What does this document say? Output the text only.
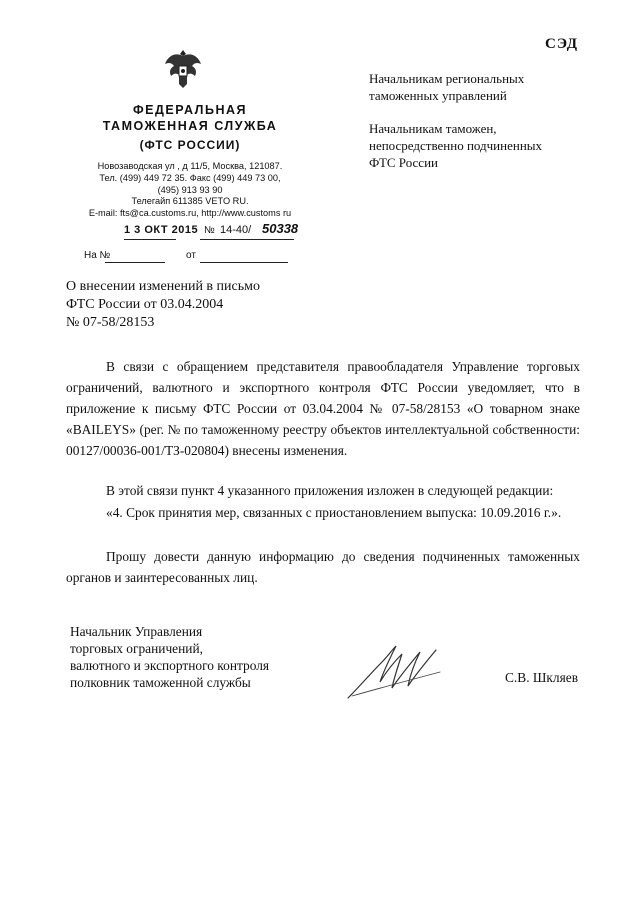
СЭД
ФЕДЕРАЛЬНАЯ
ТАМОЖЕННАЯ СЛУЖБА
(ФТС РОССИИ)
Новозаводская ул , д 11/5, Москва, 121087.
Тел. (499) 449 72 35. Факс (499) 449 73 00,
(495) 913 93 90
Телегайп 611385 VETO RU.
E-mail: fts@ca.customs.ru, http://www.customs ru
1 3 ОКТ 2015 № 14-40/ 50338
На №	от
Начальникам региональных
таможенных управлений
Начальникам таможен,
непосредственно подчиненных
ФТС России
О внесении изменений в письмо
ФТС России от 03.04.2004
№ 07-58/28153
В связи с обращением представителя правообладателя Управление торговых ограничений, валютного и экспортного контроля ФТС России уведомляет, что в приложение к письму ФТС России от 03.04.2004 № 07-58/28153 «О товарном знаке «BAILEYS» (рег. № по таможенному реестру объектов интеллектуальной собственности: 00127/00036-001/ТЗ-020804) внесены изменения.
В этой связи пункт 4 указанного приложения изложен в следующей редакции:
«4. Срок принятия мер, связанных с приостановлением выпуска: 10.09.2016 г.».
Прошу довести данную информацию до сведения подчиненных таможенных органов и заинтересованных лиц.
Начальник Управления
торговых ограничений,
валютного и экспортного контроля
полковник таможенной службы	С.В. Шкляев
